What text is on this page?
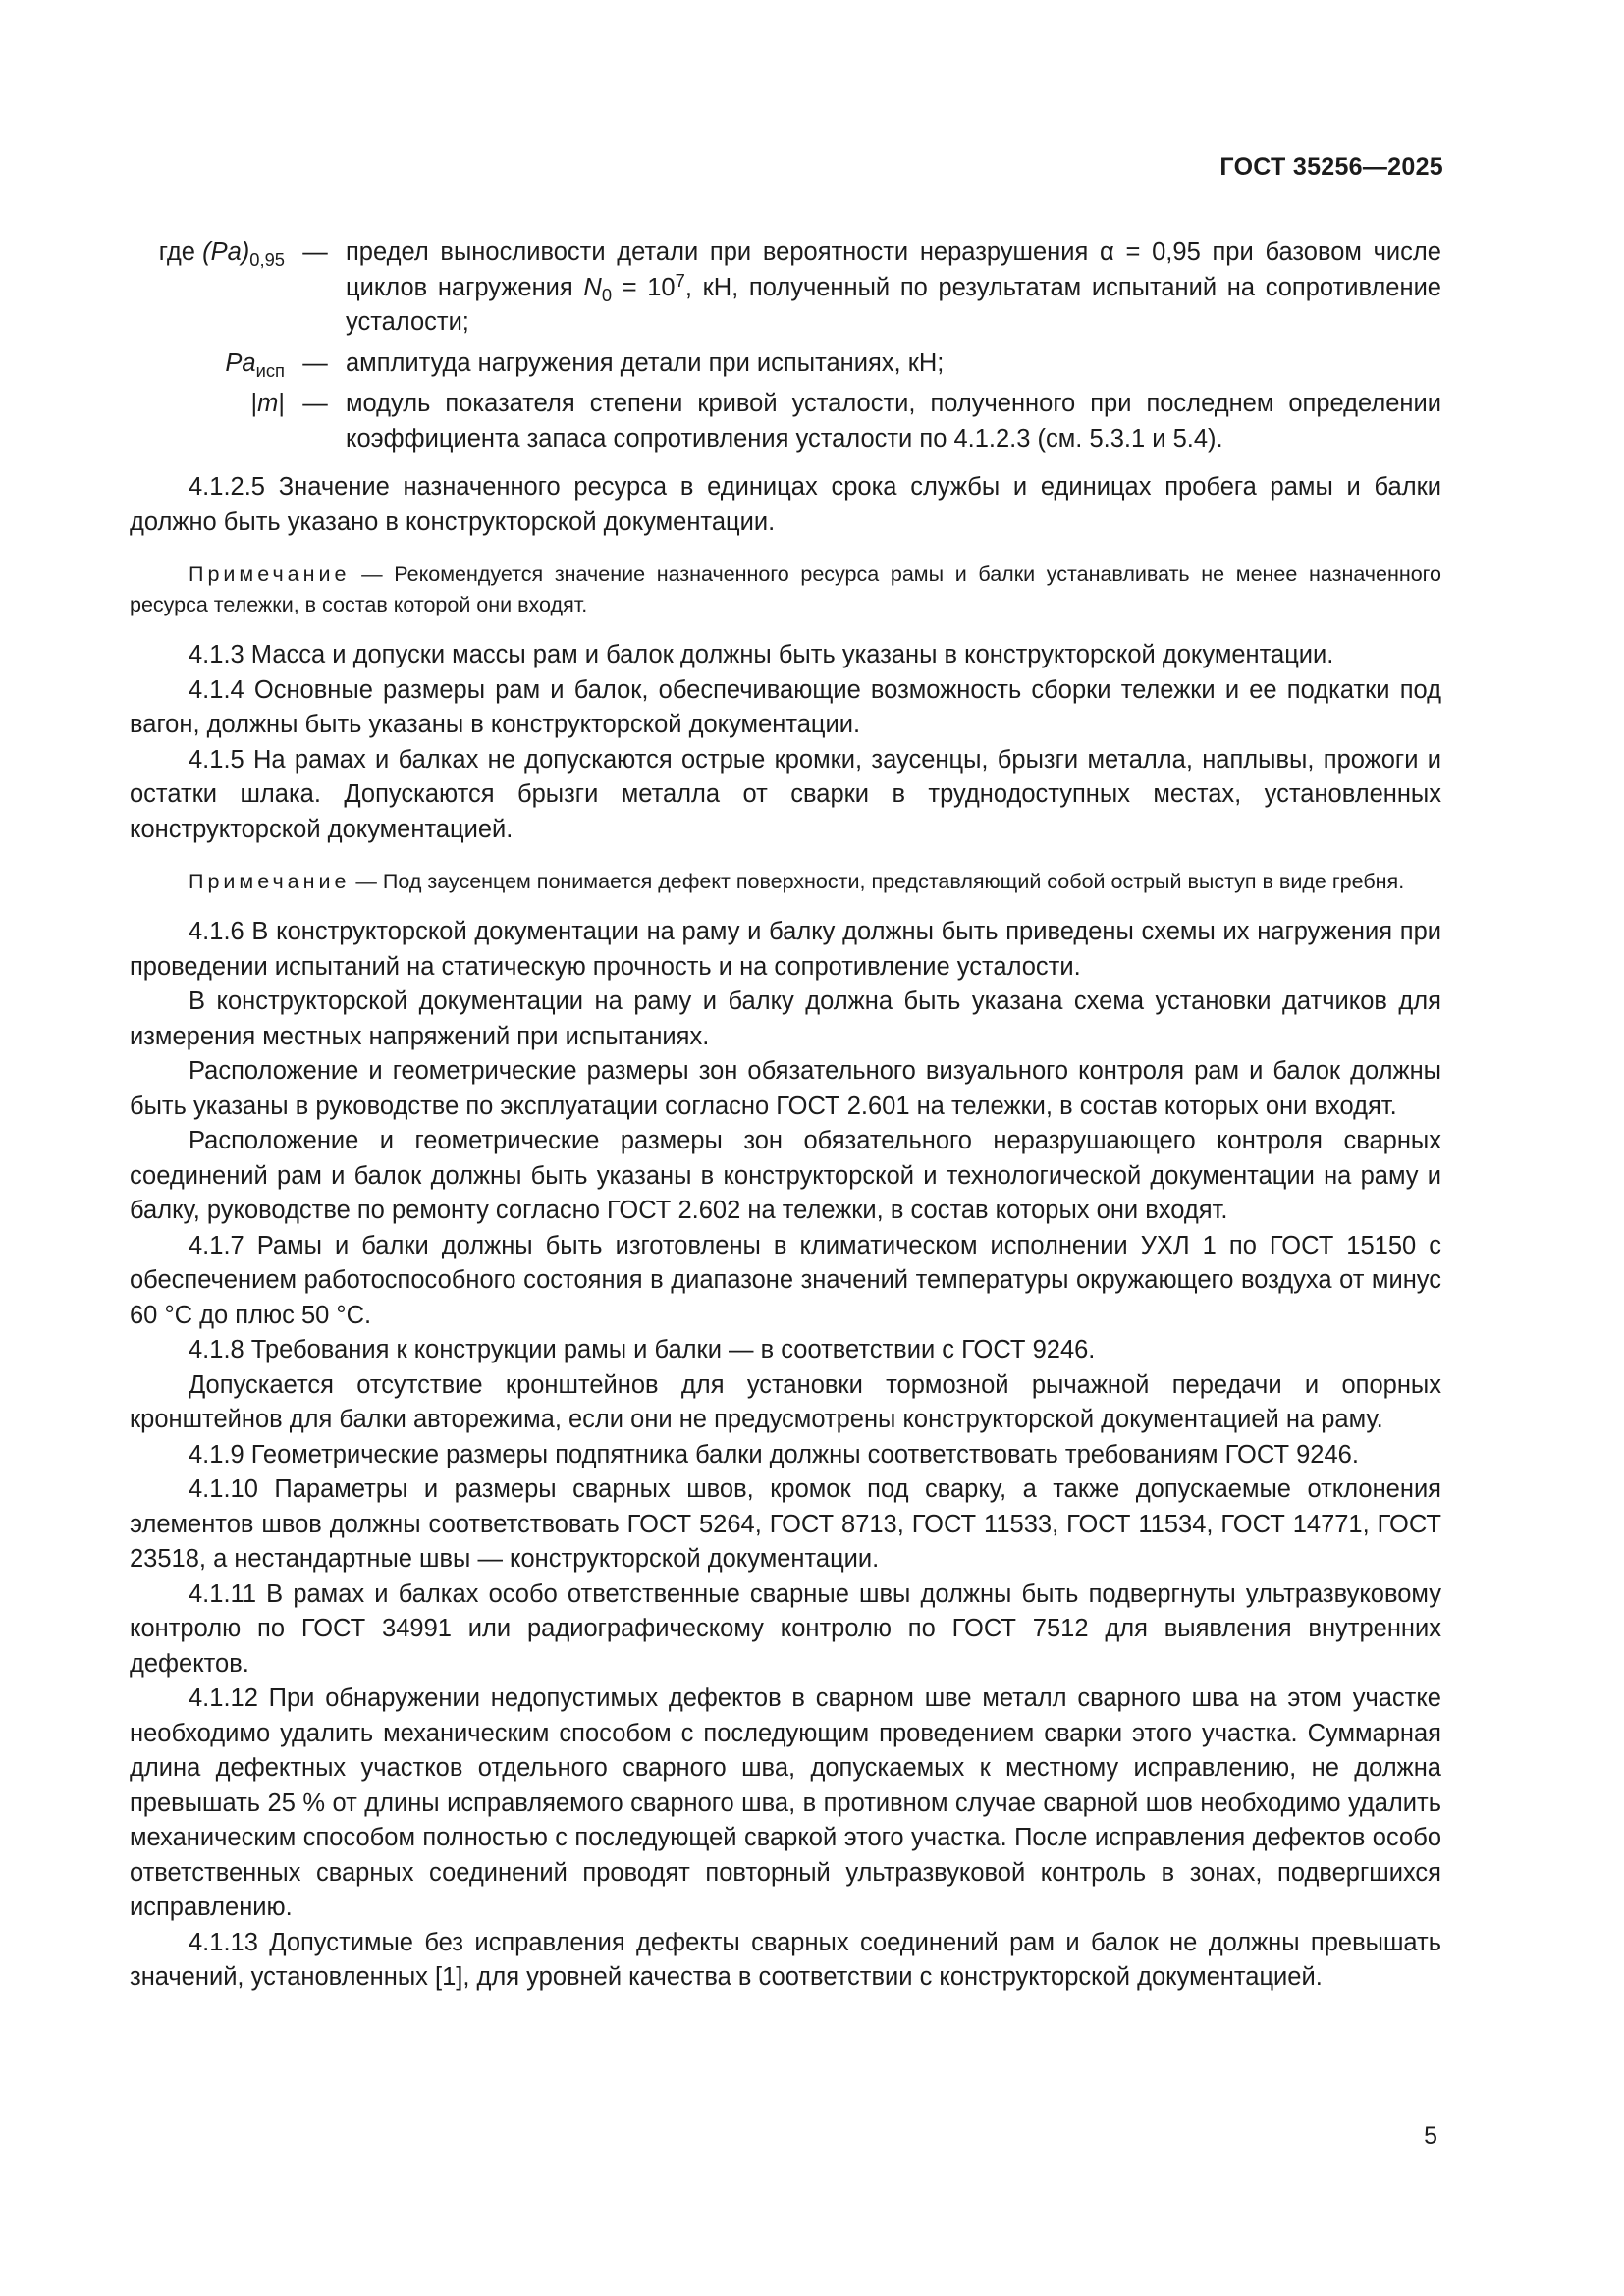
ГОСТ 35256—2025
где $(Pa)_{0,95}$	—	предел выносливости детали при вероятности неразрушения α = 0,95 при базовом числе циклов нагружения $N_0 = 10^7$, кН, полученный по результатам испытаний на сопротивление усталости;
$Pa_{исп}$	—	амплитуда нагружения детали при испытаниях, кН;
|m|	—	модуль показателя степени кривой усталости, полученного при последнем определении коэффициента запаса сопротивления усталости по 4.1.2.3 (см. 5.3.1 и 5.4).

4.1.2.5 Значение назначенного ресурса в единицах срока службы и единицах пробега рамы и балки должно быть указано в конструкторской документации.

Примечание — Рекомендуется значение назначенного ресурса рамы и балки устанавливать не менее назначенного ресурса тележки, в состав которой они входят.

4.1.3 Масса и допуски массы рам и балок должны быть указаны в конструкторской документации.

4.1.4 Основные размеры рам и балок, обеспечивающие возможность сборки тележки и ее подкатки под вагон, должны быть указаны в конструкторской документации.

4.1.5 На рамах и балках не допускаются острые кромки, заусенцы, брызги металла, наплывы, прожоги и остатки шлака. Допускаются брызги металла от сварки в труднодоступных местах, установленных конструкторской документацией.

Примечание — Под заусенцем понимается дефект поверхности, представляющий собой острый выступ в виде гребня.

4.1.6 В конструкторской документации на раму и балку должны быть приведены схемы их нагружения при проведении испытаний на статическую прочность и на сопротивление усталости.

В конструкторской документации на раму и балку должна быть указана схема установки датчиков для измерения местных напряжений при испытаниях.

Расположение и геометрические размеры зон обязательного визуального контроля рам и балок должны быть указаны в руководстве по эксплуатации согласно ГОСТ 2.601 на тележки, в состав которых они входят.

Расположение и геометрические размеры зон обязательного неразрушающего контроля сварных соединений рам и балок должны быть указаны в конструкторской и технологической документации на раму и балку, руководстве по ремонту согласно ГОСТ 2.602 на тележки, в состав которых они входят.

4.1.7 Рамы и балки должны быть изготовлены в климатическом исполнении УХЛ 1 по ГОСТ 15150 с обеспечением работоспособного состояния в диапазоне значений температуры окружающего воздуха от минус 60 °С до плюс 50 °С.

4.1.8 Требования к конструкции рамы и балки — в соответствии с ГОСТ 9246.

Допускается отсутствие кронштейнов для установки тормозной рычажной передачи и опорных кронштейнов для балки авторежима, если они не предусмотрены конструкторской документацией на раму.

4.1.9 Геометрические размеры подпятника балки должны соответствовать требованиям ГОСТ 9246.

4.1.10 Параметры и размеры сварных швов, кромок под сварку, а также допускаемые отклонения элементов швов должны соответствовать ГОСТ 5264, ГОСТ 8713, ГОСТ 11533, ГОСТ 11534, ГОСТ 14771, ГОСТ 23518, а нестандартные швы — конструкторской документации.

4.1.11 В рамах и балках особо ответственные сварные швы должны быть подвергнуты ультразвуковому контролю по ГОСТ 34991 или радиографическому контролю по ГОСТ 7512 для выявления внутренних дефектов.

4.1.12 При обнаружении недопустимых дефектов в сварном шве металл сварного шва на этом участке необходимо удалить механическим способом с последующим проведением сварки этого участка. Суммарная длина дефектных участков отдельного сварного шва, допускаемых к местному исправлению, не должна превышать 25 % от длины исправляемого сварного шва, в противном случае сварной шов необходимо удалить механическим способом полностью с последующей сваркой этого участка. После исправления дефектов особо ответственных сварных соединений проводят повторный ультразвуковой контроль в зонах, подвергшихся исправлению.

4.1.13 Допустимые без исправления дефекты сварных соединений рам и балок не должны превышать значений, установленных [1], для уровней качества в соответствии с конструкторской документацией.

5
